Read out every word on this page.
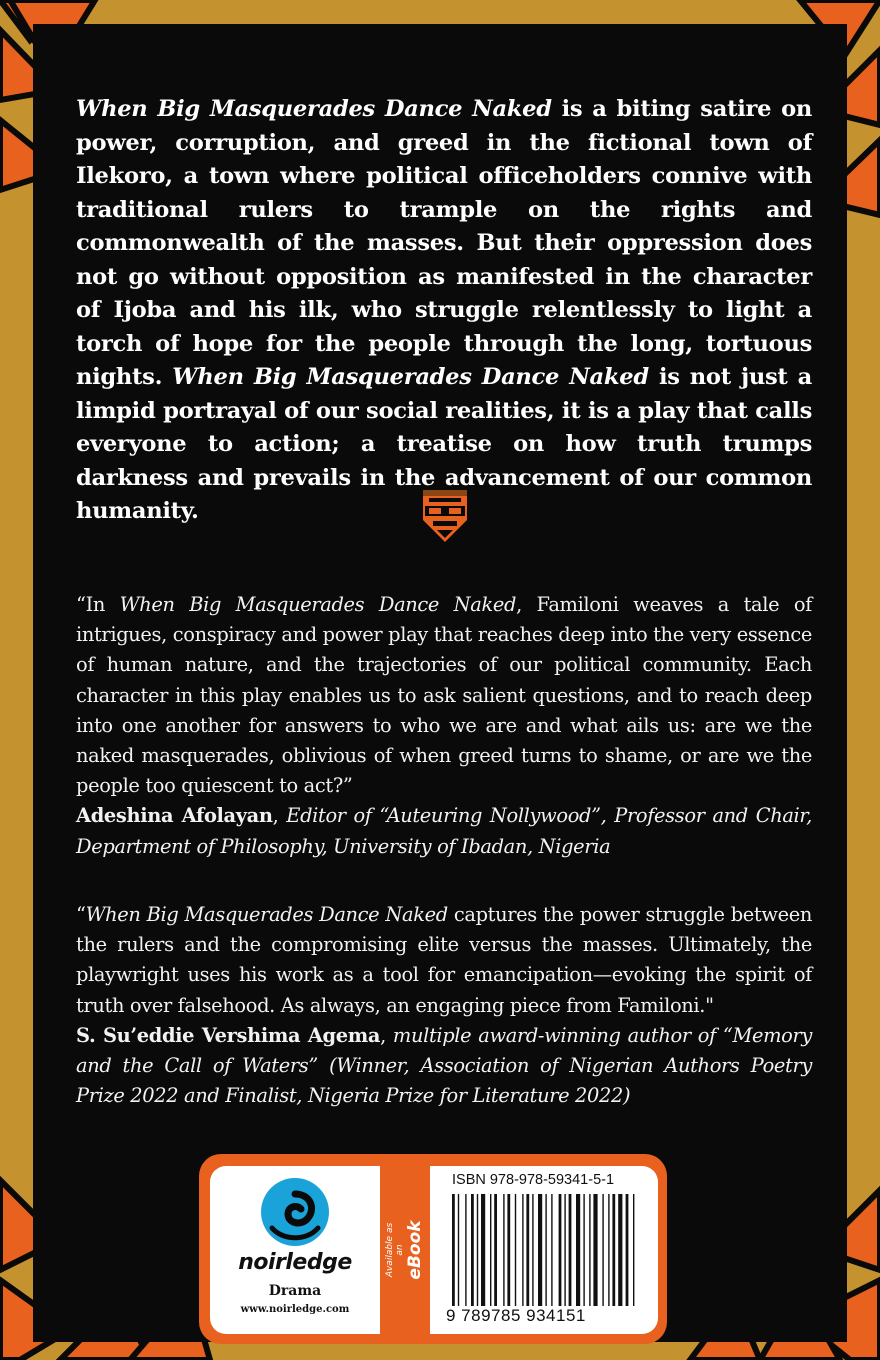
When Big Masquerades Dance Naked is a biting satire on power, corruption, and greed in the fictional town of Ilekoro, a town where political officeholders connive with traditional rulers to trample on the rights and commonwealth of the masses. But their oppression does not go without opposition as manifested in the character of Ijoba and his ilk, who struggle relentlessly to light a torch of hope for the people through the long, tortuous nights. When Big Masquerades Dance Naked is not just a limpid portrayal of our social realities, it is a play that calls everyone to action; a treatise on how truth trumps darkness and prevails in the advancement of our common humanity.
“In When Big Masquerades Dance Naked, Familoni weaves a tale of intrigues, conspiracy and power play that reaches deep into the very essence of human nature, and the trajectories of our political community. Each character in this play enables us to ask salient questions, and to reach deep into one another for answers to who we are and what ails us: are we the naked masquerades, oblivious of when greed turns to shame, or are we the people too quiescent to act?”
Adeshina Afolayan, Editor of “Auteuring Nollywood”, Professor and Chair, Department of Philosophy, University of Ibadan, Nigeria
“When Big Masquerades Dance Naked captures the power struggle between the rulers and the compromising elite versus the masses. Ultimately, the playwright uses his work as a tool for emancipation—evoking the spirit of truth over falsehood. As always, an engaging piece from Familoni."
S. Su’eddie Vershima Agema, multiple award-winning author of “Memory and the Call of Waters” (Winner, Association of Nigerian Authors Poetry Prize 2022 and Finalist, Nigeria Prize for Literature 2022)
noirledge
Drama
www.noirledge.com
Available as an eBook
ISBN 978-978-59341-5-1
9 789785 934151
